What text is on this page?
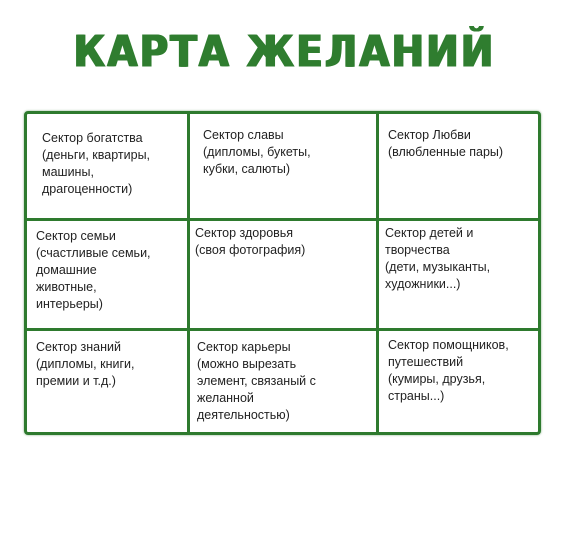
КАРТА ЖЕЛАНИЙ
Сектор богатства
(деньги, квартиры,
машины,
драгоценности)
Сектор славы
(дипломы, букеты,
кубки, салюты)
Сектор Любви
(влюбленные пары)
Сектор семьи
(счастливые семьи,
домашние
животные,
интерьеры)
Сектор здоровья
(своя фотография)
Сектор детей и
творчества
(дети, музыканты,
художники...)
Сектор знаний
(дипломы, книги,
премии и т.д.)
Сектор карьеры
(можно вырезать
элемент, связаный с
желанной
деятельностью)
Сектор помощников,
путешествий
(кумиры, друзья,
страны...)
